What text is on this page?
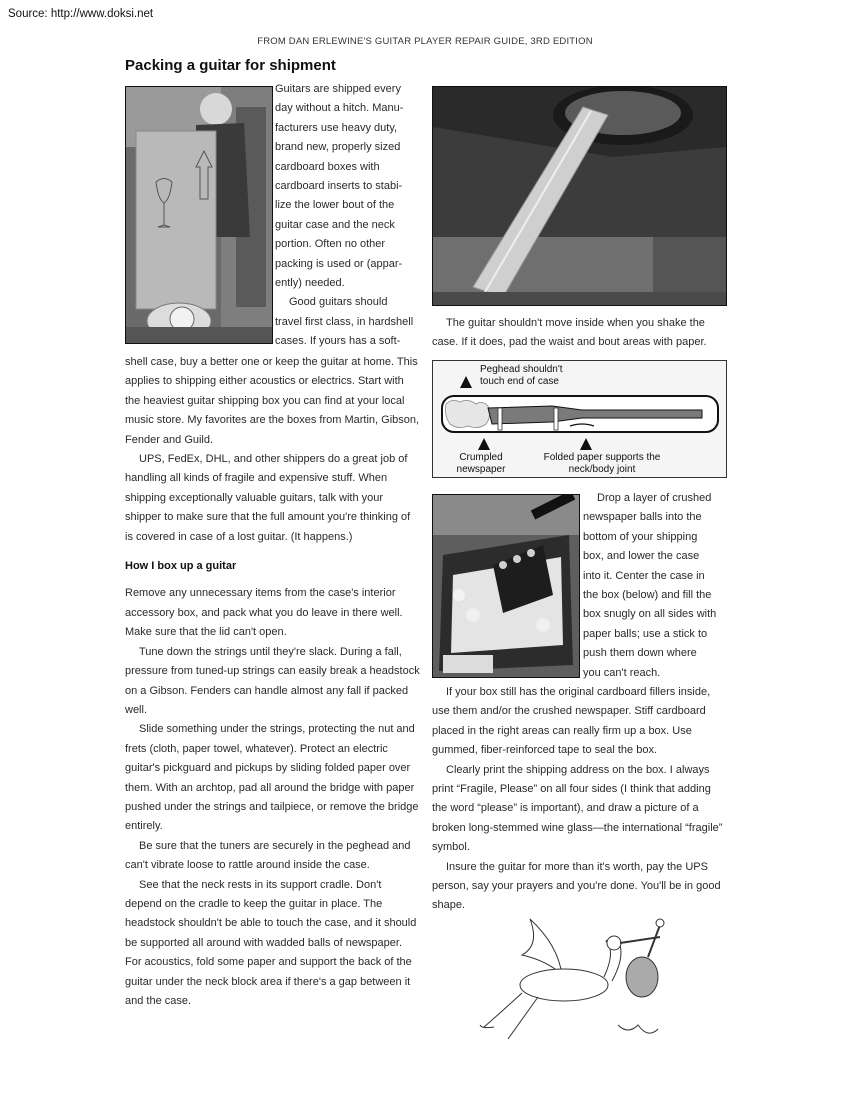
Source: http://www.doksi.net
FROM DAN ERLEWINE'S GUITAR PLAYER REPAIR GUIDE, 3RD EDITION
Packing a guitar for shipment
Guitars are shipped every
day without a hitch. Manu-
facturers use heavy duty,
brand new, properly sized
cardboard boxes with
cardboard inserts to stabi-
lize the lower bout of the
guitar case and the neck
portion. Often no other
packing is used or (appar-
ently) needed.
Good guitars should
travel first class, in hardshell
cases. If yours has a soft-

shell case, buy a better one or keep the guitar at home. This applies to shipping either acoustics or electrics. Start with the heaviest guitar shipping box you can find at your local music store. My favorites are the boxes from Martin, Gibson, Fender and Guild.

UPS, FedEx, DHL, and other shippers do a great job of handling all kinds of fragile and expensive stuff. When shipping exceptionally valuable guitars, talk with your shipper to make sure that the full amount you're thinking of is covered in case of a lost guitar. (It happens.)

How I box up a guitar

Remove any unnecessary items from the case's interior accessory box, and pack what you do leave in there well. Make sure that the lid can't open.

Tune down the strings until they're slack. During a fall, pressure from tuned-up strings can easily break a headstock on a Gibson. Fenders can handle almost any fall if packed well.

Slide something under the strings, protecting the nut and frets (cloth, paper towel, whatever). Protect an electric guitar's pickguard and pickups by sliding folded paper over them. With an archtop, pad all around the bridge with paper pushed under the strings and tailpiece, or remove the bridge entirely.

Be sure that the tuners are securely in the peghead and can't vibrate loose to rattle around inside the case.

See that the neck rests in its support cradle. Don't depend on the cradle to keep the guitar in place. The headstock shouldn't be able to touch the case, and it should be supported all around with wadded balls of newspaper. For acoustics, fold some paper and support the back of the guitar under the neck block area if there's a gap between it and the case.

The guitar shouldn't move inside when you shake the case. If it does, pad the waist and bout areas with paper.
Peghead shouldn't touch end of case
Crumpled newspaper
Folded paper supports the neck/body joint
Drop a layer of crushed
newspaper balls into the
bottom of your shipping
box, and lower the case
into it. Center the case in
the box (below) and fill the
box snugly on all sides with
paper balls; use a stick to
push them down where
you can't reach.

If your box still has the original cardboard fillers inside, use them and/or the crushed newspaper. Stiff cardboard placed in the right areas can really firm up a box. Use gummed, fiber-reinforced tape to seal the box.

Clearly print the shipping address on the box. I always print “Fragile, Please” on all four sides (I think that adding the word “please” is important), and draw a picture of a broken long-stemmed wine glass—the international “fragile” symbol.

Insure the guitar for more than it's worth, pay the UPS person, say your prayers and you're done. You'll be in good shape.
